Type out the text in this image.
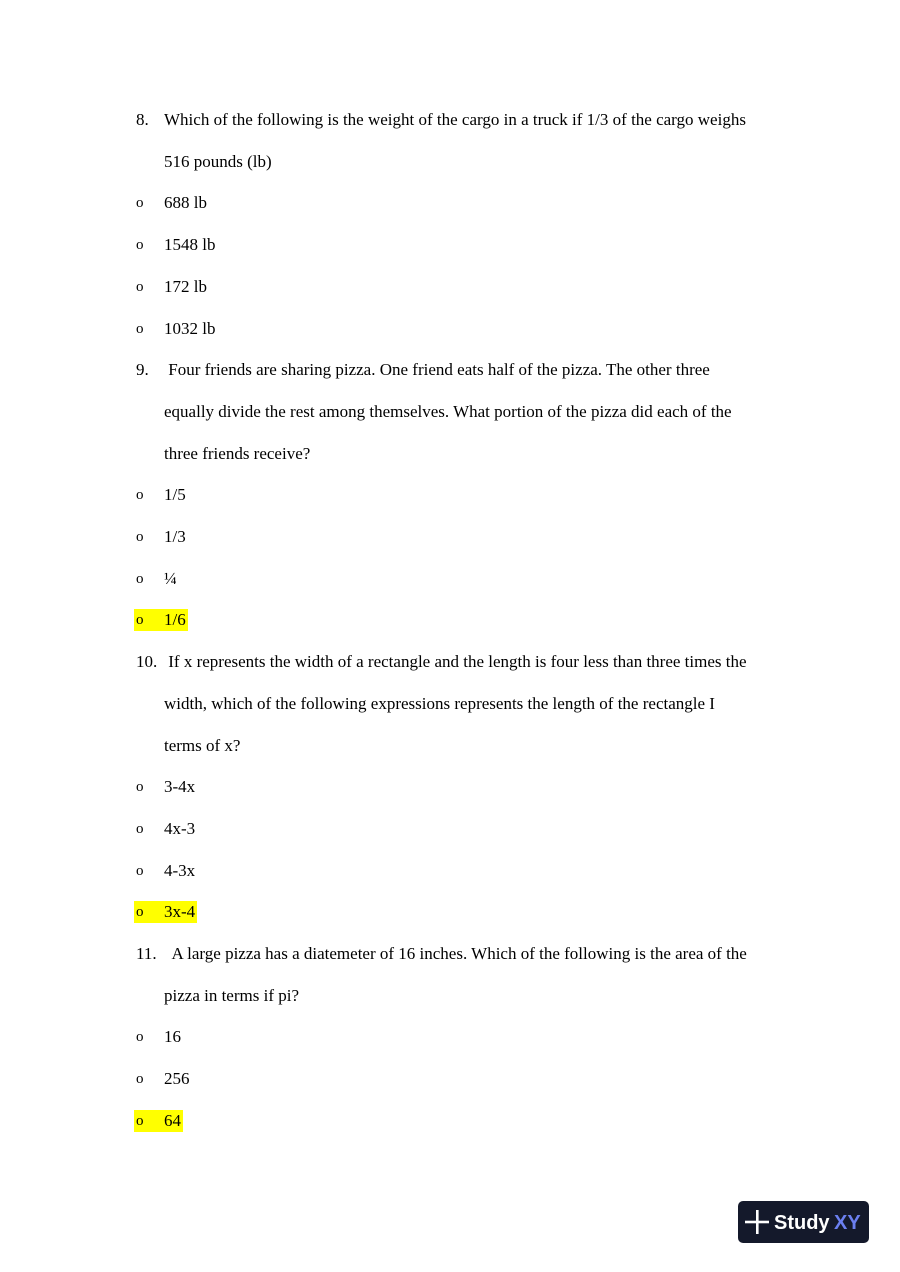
8. Which of the following is the weight of the cargo in a truck if 1/3 of the cargo weighs
516 pounds (lb)
o 688 lb
o 1548 lb
o 172 lb
o 1032 lb
9. Four friends are sharing pizza. One friend eats half of the pizza. The other three
equally divide the rest among themselves. What portion of the pizza did each of the
three friends receive?
o 1/5
o 1/3
o ¼
o 1/6
10. If x represents the width of a rectangle and the length is four less than three times the
width, which of the following expressions represents the length of the rectangle I
terms of x?
o 3-4x
o 4x-3
o 4-3x
o 3x-4
11. A large pizza has a diatemeter of 16 inches. Which of the following is the area of the
pizza in terms if pi?
o 16
o 256
o 64
Study XY
